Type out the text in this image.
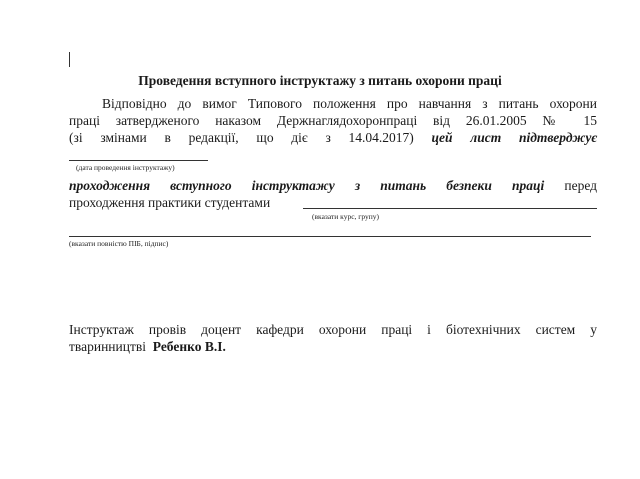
Проведення вступного інструктажу з питань охорони праці
Відповідно до вимог Типового положення про навчання з питань охорони
праці затвердженого наказом Держнаглядохоронпраці від 26.01.2005 № 15
(зі змінами в редакції, що діє з 14.04.2017) цей лист підтверджує
(дата проведення інструктажу)
проходження вступного інструктажу з питань безпеки праці перед
проходження практики студентами
(вказати курс, групу)
(вказати повністю ПІБ, підпис)
Інструктаж провів доцент кафедри охорони праці і біотехнічних систем у
тваринництві Ребенко В.І.
